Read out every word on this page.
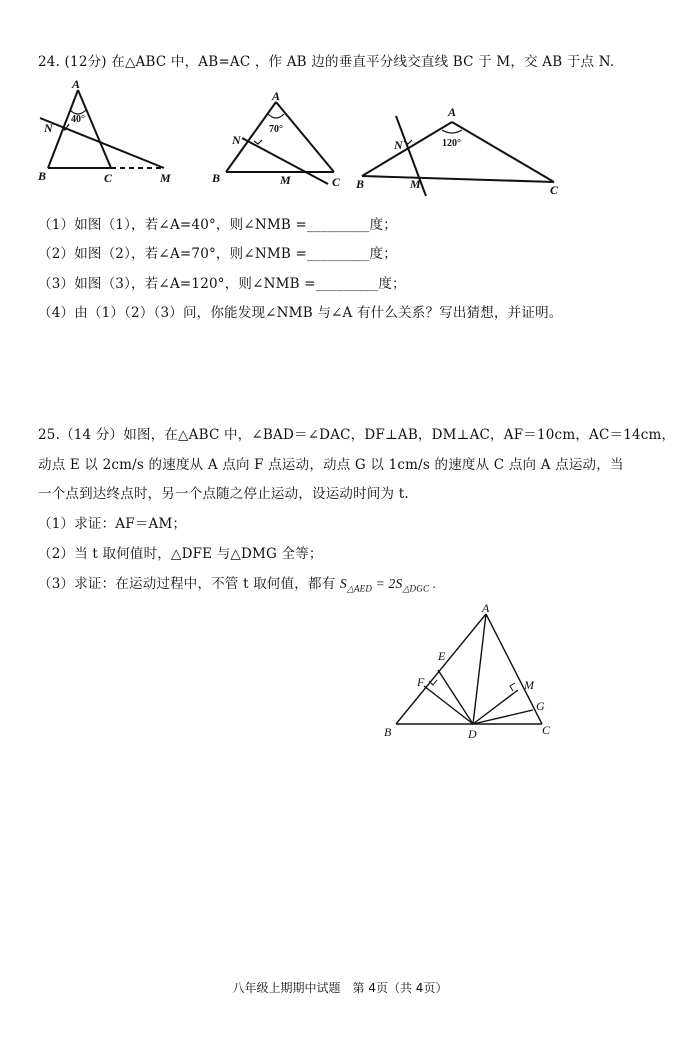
24. (12分) 在△ABC 中，AB=AC ，作 AB 边的垂直平分线交直线 BC 于 M，交 AB 于点 N.
A
N
B	C	M
40°
A
N
B	C
M
70°
A
N
B	C
M
120°
（1）如图（1），若∠A=40°，则∠NMB =_________度；
（2）如图（2），若∠A=70°，则∠NMB =_________度；
（3）如图（3），若∠A=120°，则∠NMB =_________度；
（4）由（1）（2）（3）问，你能发现∠NMB 与∠A 有什么关系？写出猜想，并证明。
25.（14 分）如图，在△ABC 中，∠BAD＝∠DAC，DF⊥AB，DM⊥AC，AF＝10cm，AC＝14cm，
动点 E 以 2cm/s 的速度从 A 点向 F 点运动，动点 G 以 1cm/s 的速度从 C 点向 A 点运动，当
一个点到达终点时，另一个点随之停止运动，设运动时间为 t.
（1）求证：AF＝AM；
（2）当 t 取何值时，△DFE 与△DMG 全等；
（3）求证：在运动过程中，不管 t 取何值，都有 $S_{\triangle AED} = 2S_{\triangle DGC}$ .
A
E
F	M
G
B	D	C
八年级上期期中试题　第 4页（共 4页）
